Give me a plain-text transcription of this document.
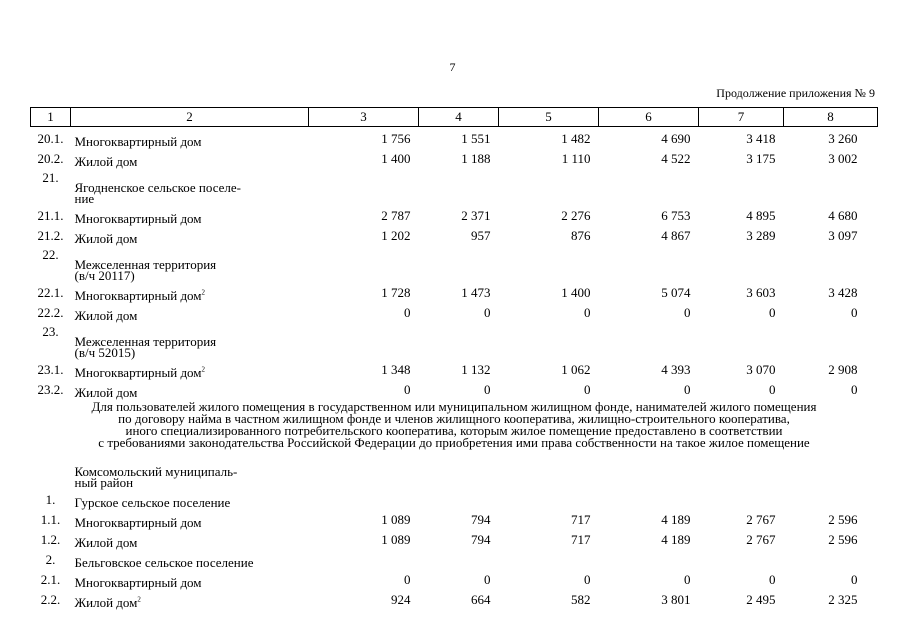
7
Продолжение приложения № 9
1	2	3	4	5	6	7	8
20.1.	Многоквартирный дом	1 756	1 551	1 482	4 690	3 418	3 260
20.2.	Жилой дом	1 400	1 188	1 110	4 522	3 175	3 002
21.	Ягодненское сельское поселе-
ние						
21.1.	Многоквартирный дом	2 787	2 371	2 276	6 753	4 895	4 680
21.2.	Жилой дом	1 202	957	876	4 867	3 289	3 097
22.	Межселенная территория
(в/ч 20117)						
22.1.	Многоквартирный дом$^2$	1 728	1 473	1 400	5 074	3 603	3 428
22.2.	Жилой дом	0	0	0	0	0	0
23.	Межселенная территория
(в/ч 52015)						
23.1.	Многоквартирный дом$^2$	1 348	1 132	1 062	4 393	3 070	2 908
23.2.	Жилой дом	0	0	0	0	0	0
Для пользователей жилого помещения в государственном или муниципальном жилищном фонде, нанимателей жилого помещения
по договору найма в частном жилищном фонде и членов жилищного кооператива, жилищно-строительного кооператива,
иного специализированного потребительского кооператива, которым жилое помещение предоставлено в соответствии
с требованиями законодательства Российской Федерации до приобретения ими права собственности на такое жилое помещение							
	Комсомольский муниципаль-
ный район						
1.	Гурское сельское поселение						
1.1.	Многоквартирный дом	1 089	794	717	4 189	2 767	2 596
1.2.	Жилой дом	1 089	794	717	4 189	2 767	2 596
2.	Бельговское сельское поселение						
2.1.	Многоквартирный дом	0	0	0	0	0	0
2.2.	Жилой дом$^2$	924	664	582	3 801	2 495	2 325
